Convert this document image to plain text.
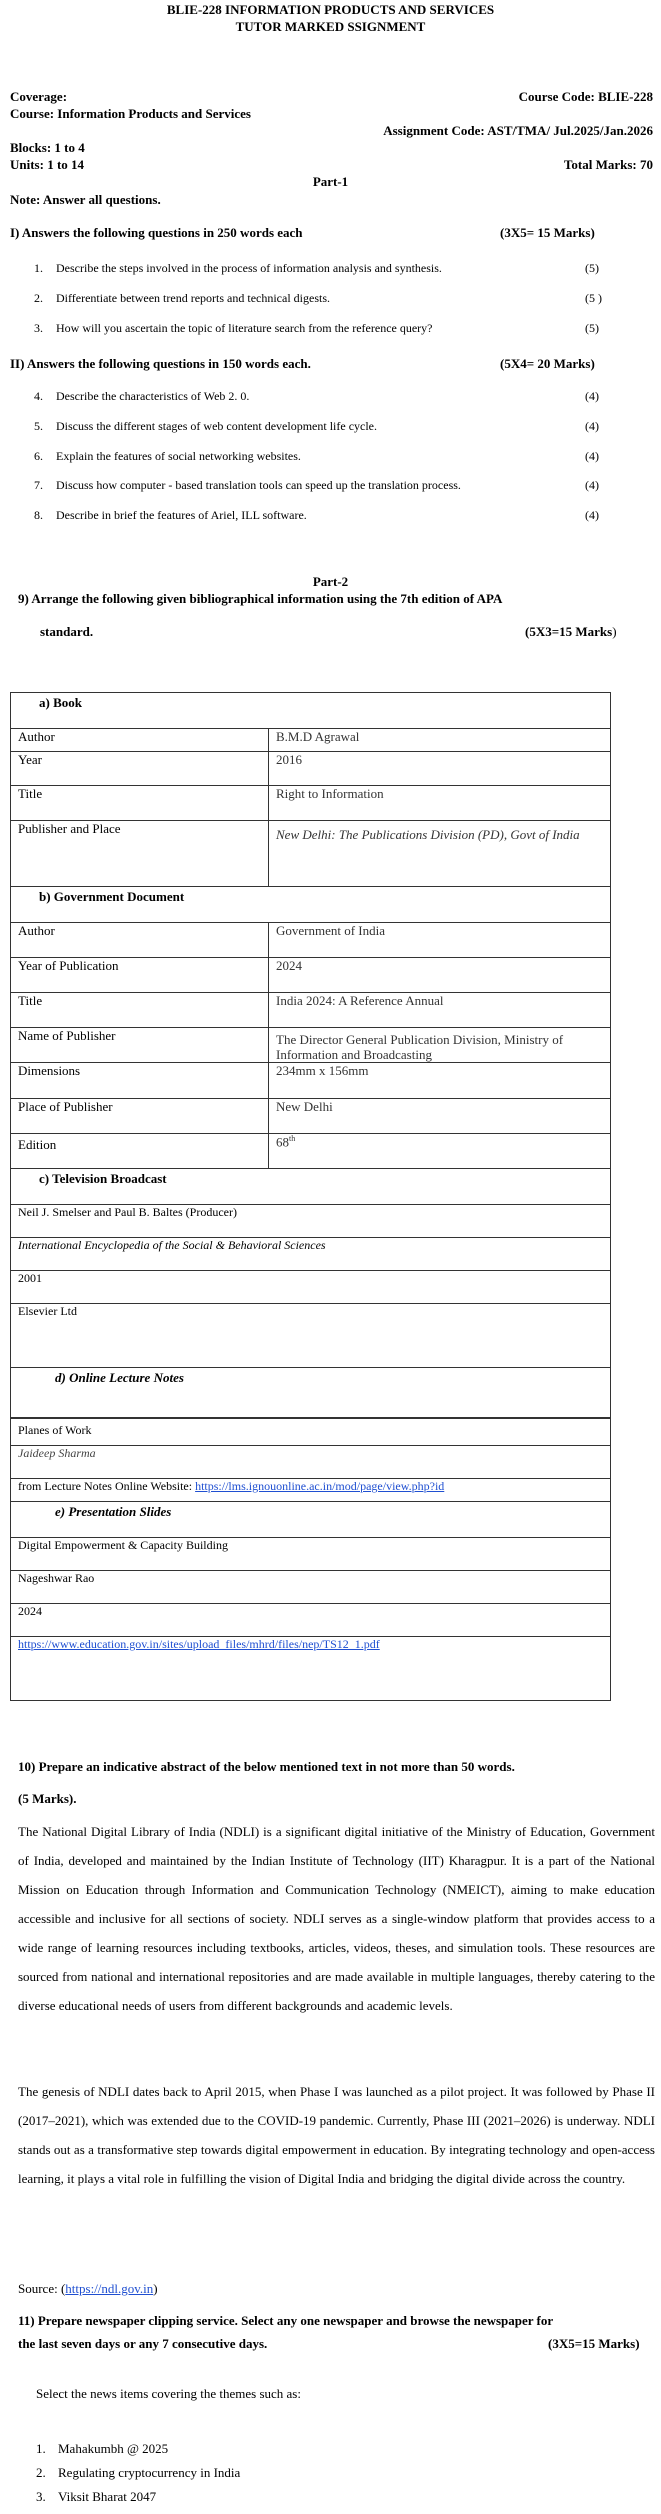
BLIE-228 INFORMATION PRODUCTS AND SERVICES
TUTOR MARKED SSIGNMENT
Coverage:	Course Code: BLIE-228
Course: Information Products and Services
Assignment Code: AST/TMA/ Jul.2025/Jan.2026
Blocks: 1 to 4
Units: 1 to 14	Total Marks: 70
Part-1
Note: Answer all questions.
I) Answers the following questions in 250 words each	(3X5= 15 Marks)
1. Describe the steps involved in the process of information analysis and synthesis.	(5)
2. Differentiate between trend reports and technical digests.	(5 )
3. How will you ascertain the topic of literature search from the reference query?	(5)
II) Answers the following questions in 150 words each.	(5X4= 20 Marks)
4. Describe the characteristics of Web 2. 0.	(4)
5. Discuss the different stages of web content development life cycle.	(4)
6. Explain the features of social networking websites.	(4)
7. Discuss how computer - based translation tools can speed up the translation process.	(4)
8. Describe in brief the features of Ariel, ILL software.	(4)
Part-2
9) Arrange the following given bibliographical information using the 7th edition of APA
standard.	(5X3=15 Marks)
a) Book	
Author	B.M.D Agrawal
Year	2016
Title	Right to Information
Publisher and Place	New Delhi: The Publications Division (PD), Govt of India
b) Government Document	
Author	Government of India
Year of Publication	2024
Title	India 2024: A Reference Annual
Name of Publisher	The Director General Publication Division, Ministry of Information and Broadcasting
Dimensions	234mm x 156mm
Place of Publisher	New Delhi
Edition	68th
c) Television Broadcast	
Neil J. Smelser and Paul B. Baltes (Producer)	
International Encyclopedia of the Social & Behavioral Sciences	
2001	
Elsevier Ltd	
d) Online Lecture Notes	
Planes of Work	
Jaideep Sharma	
from Lecture Notes Online Website: https://lms.ignouonline.ac.in/mod/page/view.php?id	
e) Presentation Slides	
Digital Empowerment & Capacity Building	
Nageshwar Rao	
2024	
https://www.education.gov.in/sites/upload_files/mhrd/files/nep/TS12_1.pdf	
10) Prepare an indicative abstract of the below mentioned text in not more than 50 words.
(5 Marks).
The National Digital Library of India (NDLI) is a significant digital initiative of the Ministry of Education, Government of India, developed and maintained by the Indian Institute of Technology (IIT) Kharagpur. It is a part of the National Mission on Education through Information and Communication Technology (NMEICT), aiming to make education accessible and inclusive for all sections of society. NDLI serves as a single-window platform that provides access to a wide range of learning resources including textbooks, articles, videos, theses, and simulation tools. These resources are sourced from national and international repositories and are made available in multiple languages, thereby catering to the diverse educational needs of users from different backgrounds and academic levels.
The genesis of NDLI dates back to April 2015, when Phase I was launched as a pilot project. It was followed by Phase II (2017–2021), which was extended due to the COVID-19 pandemic. Currently, Phase III (2021–2026) is underway. NDLI stands out as a transformative step towards digital empowerment in education. By integrating technology and open-access learning, it plays a vital role in fulfilling the vision of Digital India and bridging the digital divide across the country.
Source: (https://ndl.gov.in)
11) Prepare newspaper clipping service. Select any one newspaper and browse the newspaper for
the last seven days or any 7 consecutive days.	(3X5=15 Marks)
Select the news items covering the themes such as:
1. Mahakumbh @ 2025
2. Regulating cryptocurrency in India
3. Viksit Bharat 2047
